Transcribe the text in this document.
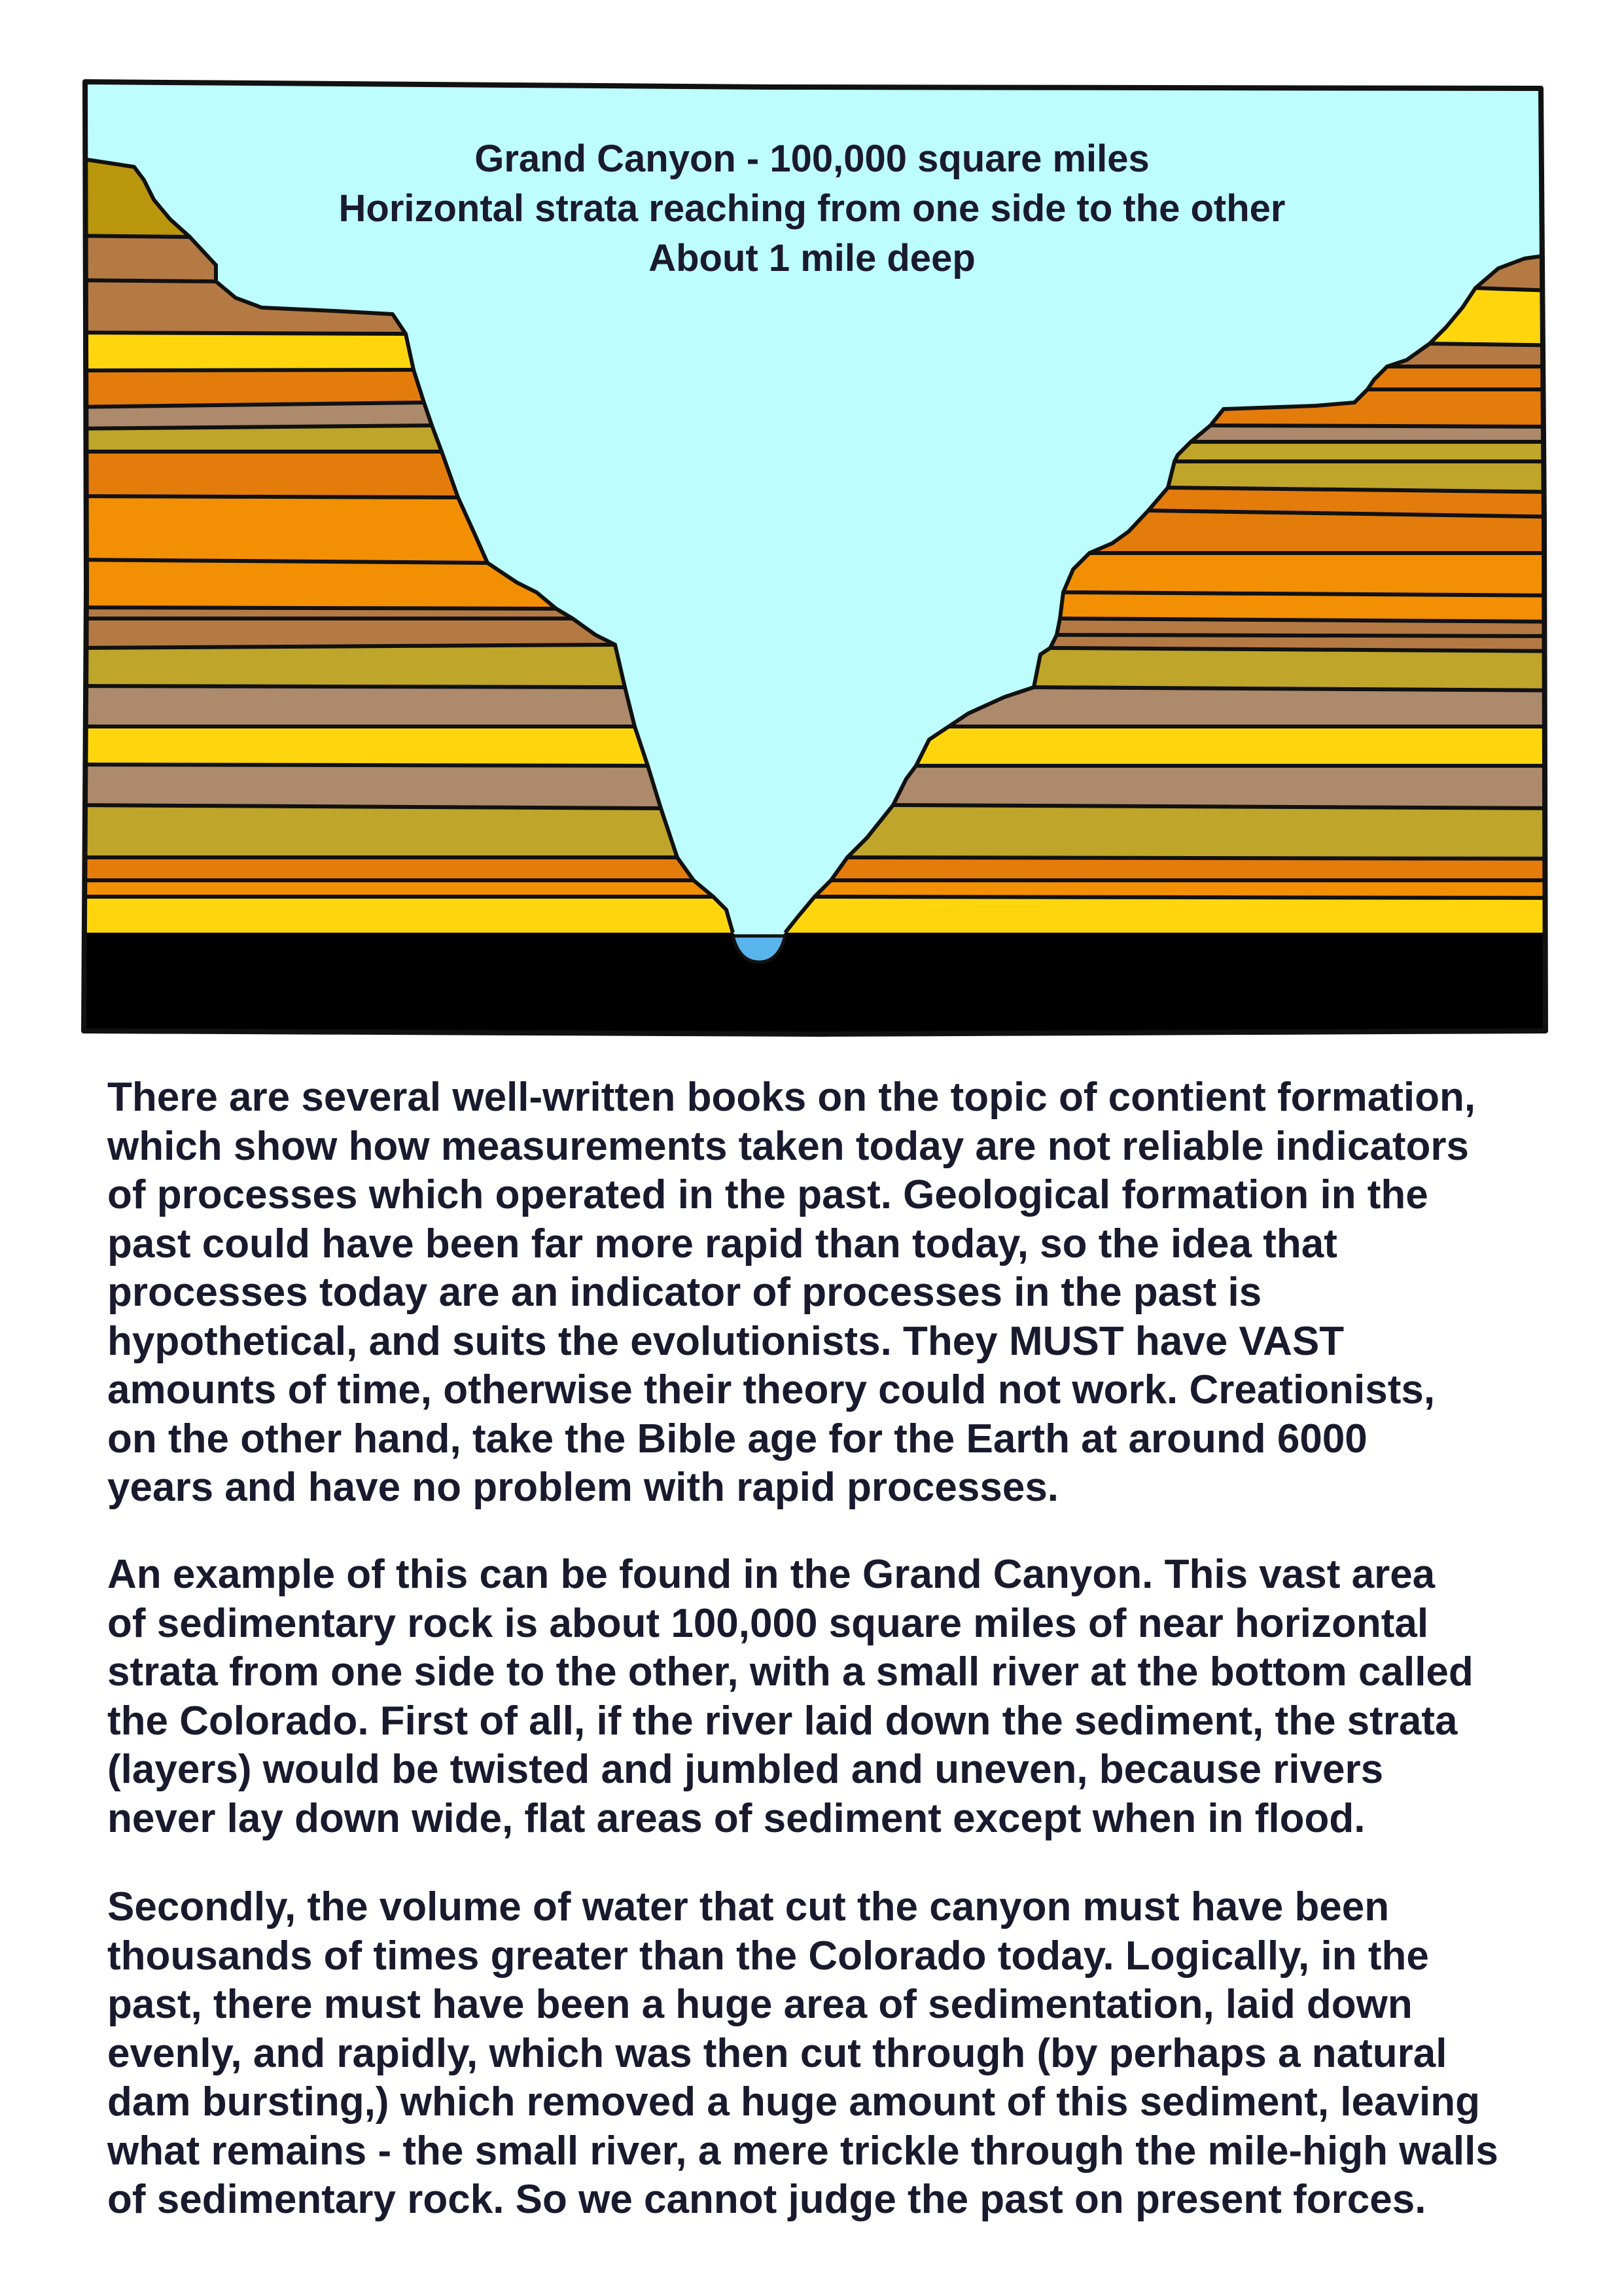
Grand Canyon - 100,000 square miles
Horizontal strata reaching from one side to the other
About 1 mile deep
There are several well-written books on the topic of contient formation,
which show how measurements taken today are not reliable indicators
of processes which operated in the past. Geological formation in the
past could have been far more rapid than today, so the idea that
processes today are an indicator of processes in the past is
hypothetical, and suits the evolutionists. They MUST have VAST
amounts of time, otherwise their theory could not work. Creationists,
on the other hand, take the Bible age for the Earth at around 6000
years and have no problem with rapid processes.
An example of this can be found in the Grand Canyon. This vast area
of sedimentary rock is about 100,000 square miles of near horizontal
strata from one side to the other, with a small river at the bottom called
the Colorado. First of all, if the river laid down the sediment, the strata
(layers) would be twisted and jumbled and uneven, because rivers
never lay down wide, flat areas of sediment except when in flood.
Secondly, the volume of water that cut the canyon must have been
thousands of times greater than the Colorado today. Logically, in the
past, there must have been a huge area of sedimentation, laid down
evenly, and rapidly, which was then cut through (by perhaps a natural
dam bursting,) which removed a huge amount of this sediment, leaving
what remains - the small river, a mere trickle through the mile-high walls
of sedimentary rock. So we cannot judge the past on present forces.
